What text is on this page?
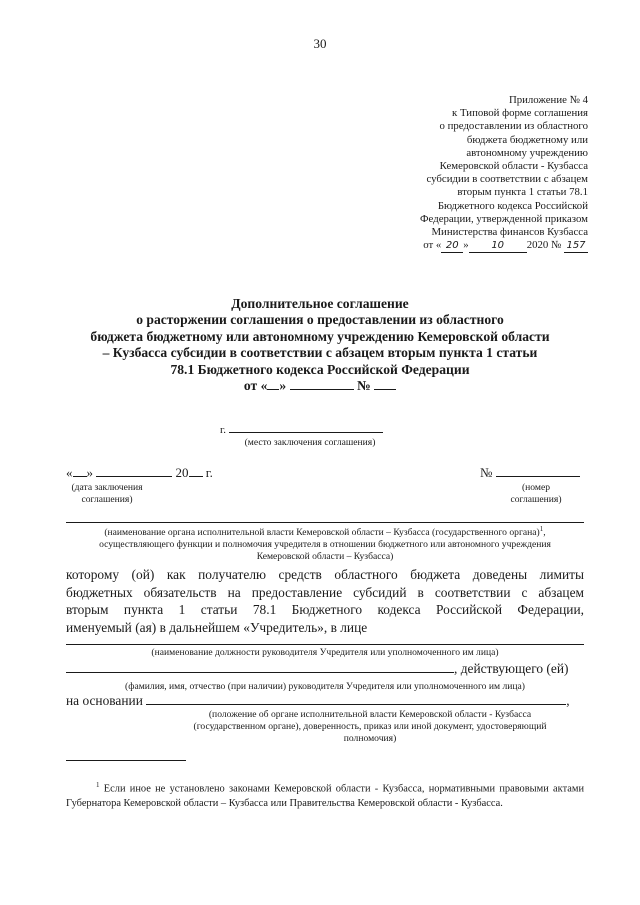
30
Приложение № 4
к Типовой форме соглашения
о предоставлении из областного
бюджета бюджетному или
автономному учреждению
Кемеровской области - Кузбасса
субсидии в соответствии с абзацем
вторым пункта 1 статьи 78.1
Бюджетного кодекса Российской
Федерации, утвержденной приказом
Министерства финансов Кузбасса
от « 20 » 10 2020 № 157
Дополнительное соглашение
о расторжении соглашения о предоставлении из областного
бюджета бюджетному или автономному учреждению Кемеровской области
– Кузбасса субсидии в соответствии с абзацем вторым пункта 1 статьи
78.1 Бюджетного кодекса Российской Федерации
от « »	№
г.
(место заключения соглашения)
« »	20 г.
(дата заключения
соглашения)
№
(номер
соглашения)
(наименование органа исполнительной власти Кемеровской области – Кузбасса (государственного органа)$^1$,
осуществляющего функции и полномочия учредителя в отношении бюджетного или автономного учреждения
Кемеровской области – Кузбасса)
которому (ой) как получателю средств областного бюджета доведены лимиты
бюджетных обязательств на предоставление субсидий в соответствии с абзацем
вторым пункта 1 статьи 78.1 Бюджетного кодекса Российской Федерации,
именуемый (ая) в дальнейшем «Учредитель», в лице
(наименование должности руководителя Учредителя или уполномоченного им лица)
, действующего (ей)
(фамилия, имя, отчество (при наличии) руководителя Учредителя или уполномоченного им лица)
на основании	,
(положение об органе исполнительной власти Кемеровской области - Кузбасса
(государственном органе), доверенность, приказ или иной документ, удостоверяющий
полномочия)
$^1$ Если иное не установлено законами Кемеровской области - Кузбасса, нормативными правовыми актами Губернатора Кемеровской области – Кузбасса или Правительства Кемеровской области - Кузбасса.
